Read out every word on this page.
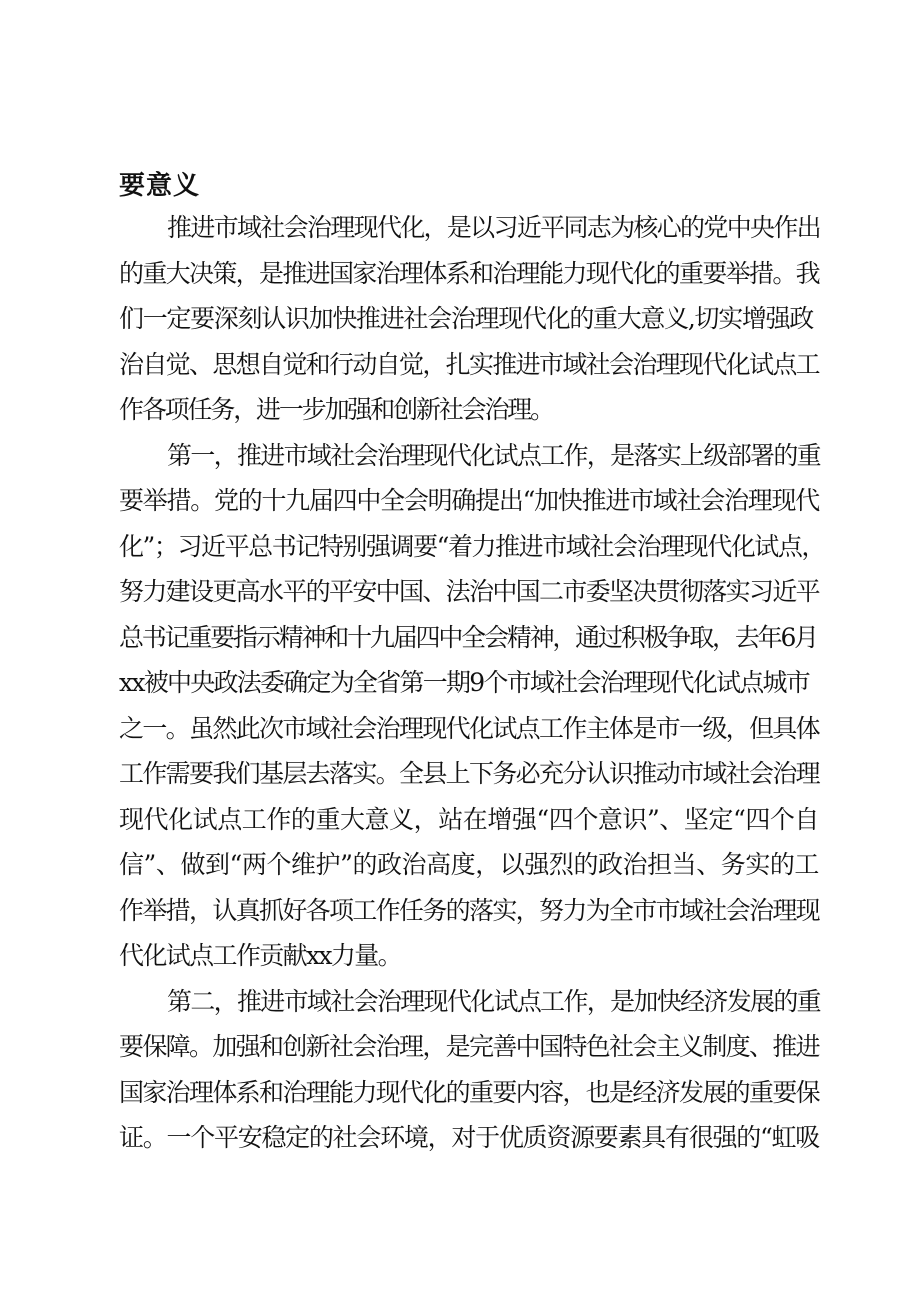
要意义

推进市域社会治理现代化，是以习近平同志为核心的党中央作出

的重大决策，是推进国家治理体系和治理能力现代化的重要举措。我

们一定要深刻认识加快推进社会治理现代化的重大意义,切实增强政

治自觉、思想自觉和行动自觉，扎实推进市域社会治理现代化试点工

作各项任务，进一步加强和创新社会治理。

第一，推进市域社会治理现代化试点工作，是落实上级部署的重

要举措。党的十九届四中全会明确提出“加快推进市域社会治理现代

化”；习近平总书记特别强调要“着力推进市域社会治理现代化试点，

努力建设更高水平的平安中国、法治中国二市委坚决贯彻落实习近平

总书记重要指示精神和十九届四中全会精神，通过积极争取，去年6月

xx被中央政法委确定为全省第一期9个市域社会治理现代化试点城市

之一。虽然此次市域社会治理现代化试点工作主体是市一级，但具体

工作需要我们基层去落实。全县上下务必充分认识推动市域社会治理

现代化试点工作的重大意义，站在增强“四个意识”、坚定“四个自

信”、做到“两个维护”的政治高度，以强烈的政治担当、务实的工

作举措，认真抓好各项工作任务的落实，努力为全市市域社会治理现

代化试点工作贡献xx力量。

第二，推进市域社会治理现代化试点工作，是加快经济发展的重

要保障。加强和创新社会治理，是完善中国特色社会主义制度、推进

国家治理体系和治理能力现代化的重要内容，也是经济发展的重要保

证。一个平安稳定的社会环境，对于优质资源要素具有很强的“虹吸
